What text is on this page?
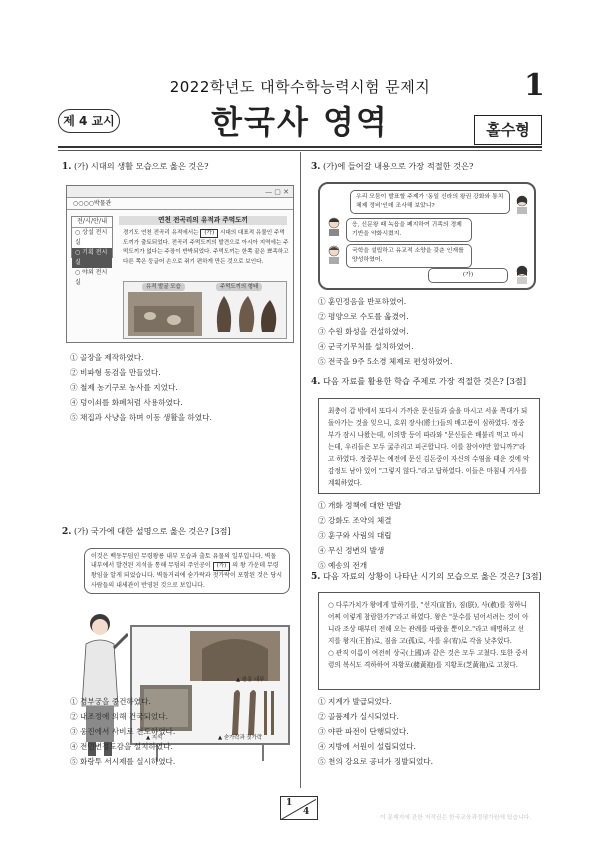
2022학년도 대학수학능력시험 문제지	1
제 4 교시	한국사 영역	홀수형
1. (가) 시대의 생활 모습으로 옳은 것은?
— ▢ ✕
○○○○박물관
전/시/안/내
○ 상설 전시실
○ 기획 전시실
○ 야외 전시실
연천 전곡리의 유적과 주먹도끼
경기도 연천 전곡리 유적에서는 (가) 시대의 대표적 유물인 주먹도끼가 출토되었다. 전곡리 주먹도끼의 발견으로 아시아 지역에는 주먹도끼가 없다는 주장이 반박되었다. 주먹도끼는 한쪽 끝은 뾰족하고 다른 쪽은 둥글어 손으로 쥐기 편하게 만든 것으로 보인다.
유적 발굴 모습	주먹도끼의 형태
① 골장을 제작하였다.
② 비파형 동검을 만들었다.
③ 철제 농기구로 농사를 지었다.
④ 덩이쇠를 화폐처럼 사용하였다.
⑤ 채집과 사냥을 하며 이동 생활을 하였다.
2. (가) 국가에 대한 설명으로 옳은 것은? [3점]
이것은 백동무덤인 무령왕릉 내부 모습과 출토 유물의 일부입니다. 벽돌 내부에서 발견된 지석을 통해 무덤의 주인공이 (가) 의 왕 가운데 무령왕임을 알게 되었습니다. 벽돌거리에 숟가락과 젓가락이 포함된 것은 당시 사람들의 내세관이 반영된 것으로 보입니다.
▲ 왕릉 내부
▲ 지석	▲ 숟가락과 젓가락
① 경부궁을 중건하였다.
② 내조정에 의해 건국되었다.
③ 웅진에서 사비로 천도하였다.
④ 전민변정도감을 설치하였다.
⑤ 화랑투 서시제를 실시하였다.
3. (가)에 들어갈 내용으로 가장 적절한 것은?
우리 모둠이 발표할 주제가 '동일 신라의 왕권 강화와 통치 체제 정비'인데 조사해 보았니?
응, 신문왕 때 녹읍을 폐지하여 귀족의 경제 기반을 약화시켰지.
국학을 설립하고 유교적 소양을 갖춘 인재를 양성하였어.
(가)
① 훈민정음을 반포하였어.
② 평양으로 수도를 옮겼어.
③ 수원 화성을 건설하였어.
④ 군국기무처를 설치하였어.
⑤ 전국을 9주 5소경 체제로 편성하였어.
4. 다음 자료를 활용한 학습 주제로 가장 적절한 것은? [3점]
최충이 갑 밖에서 또다시 가까운 문신들과 술을 마시고 서울 쪽대가 되돌아가는 것을 잊으니, 호위 장사(將士)들의 배고픔이 심하였다. 정중부가 잠시 나왔는데, 이의방 등이 따라와 "문신들은 배불리 먹고 마시는데, 우리들은 모두 굶주리고 피곤합니다. 이를 참아야만 합니까?"라고 하였다. 정중부는 예전에 문신 김돈중이 자신의 수염을 태운 것에 악감정도 남아 있어 "그렇지 않다."라고 답하였다. 이들은 마침내 거사를 계획하였다.
① 개화 정책에 대한 반발
② 강화도 조약의 체결
③ 훈구와 사림의 대립
④ 무신 정변의 발생
⑤ 예송의 전개
5. 다음 자료의 상황이 나타난 시기의 모습으로 옳은 것은? [3점]
○ 다루가치가 왕에게 말하기를, "선지(宣旨), 짐(朕), 사(赦)를 칭하니 어찌 이렇게 참람한가?"라고 하였다. 왕은 "문수를 넘어서려는 것이 아니라 조상 때부터 전해 오는 관례를 따랐을 뿐이오."라고 해명하고 선지를 왕지(王旨)로, 짐을 고(孤)로, 사를 유(宥)로 각을 낮추었다.
○ 관직 이름이 여전히 상국(上國)과 같은 것은 모두 고쳤다. 또한 중서령의 복식도 격하하여 자황포(赭黃袍)를 지황포(芝黃袍)로 고쳤다.
① 지계가 발급되었다.
② 골품제가 실시되었다.
③ 야판 파전이 단행되었다.
④ 지방에 서원이 설립되었다.
⑤ 천의 강요로 공녀가 징발되었다.
1
4
이 문제지에 관한 저작권은 한국교육과정평가원에 있습니다.
